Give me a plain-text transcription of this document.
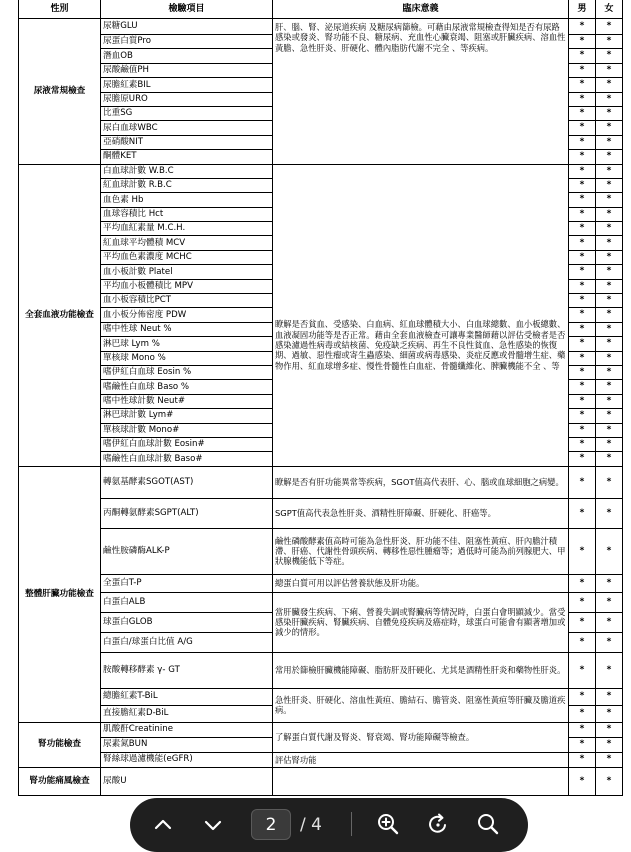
性別	檢驗項目	臨床意義	男	女
尿液常規檢查	尿糖GLU	肝、腦、腎、泌尿道疾病 及糖尿病篩檢。可藉由尿液常規檢查得知是否有尿路感染或發炎、腎功能不良、糖尿病、充血性心臟衰竭、阻塞或肝臟疾病、溶血性黃膽、急性肝炎、肝硬化、體內脂肪代謝不完全 、等疾病。	*	*
	尿蛋白質Pro		*	*
	潛血OB		*	*
	尿酸鹼值PH		*	*
	尿膽紅素BIL		*	*
	尿膽原URO		*	*
	比重SG		*	*
	尿白血球WBC		*	*
	亞硝酸NIT		*	*
	酮體KET		*	*
全套血液功能檢查	白血球計數 W.B.C	瞭解是否貧血、受感染、白血病、紅血球體積大小、白血球總數、血小板總數、血液凝固功能等是否正常。藉由全套血液檢查可讓專業醫師藉以評估受檢者是否感染濾過性病毒或結核菌、免疫缺乏疾病、再生不良性貧血、急性感染的恢復期、過敏、惡性瘤或寄生蟲感染、細菌或病毒感染、炎症反應或骨髓增生症、藥物作用、紅血球增多症、慢性骨髓性白血症、骨髓纖維化、脾臟機能不全 、等	*	*
	紅血球計數 R.B.C		*	*
	血色素 Hb		*	*
	血球容積比 Hct		*	*
	平均血紅素量 M.C.H.		*	*
	紅血球平均體積 MCV		*	*
	平均血色素濃度 MCHC		*	*
	血小板計數 Platel		*	*
	平均血小板體積比 MPV		*	*
	血小板容積比PCT		*	*
	血小板分佈密度 PDW		*	*
	嗜中性球 Neut %		*	*
	淋巴球 Lym %		*	*
	單核球 Mono %		*	*
	嗜伊紅白血球 Eosin %		*	*
	嗜鹼性白血球 Baso %		*	*
	嗜中性球計數 Neut#		*	*
	淋巴球計數 Lym#		*	*
	單核球計數 Mono#		*	*
	嗜伊紅白血球計數 Eosin#		*	*
	嗜鹼性白血球計數 Baso#		*	*
整體肝臟功能檢查	轉氨基酵素SGOT(AST)	瞭解是否有肝功能異常等疾病，SGOT值高代表肝、心、腦或血球細胞之病變。	*	*
	丙酮轉氨酵素SGPT(ALT)	SGPT值高代表急性肝炎、酒精性肝障礙、肝硬化、肝癌等。	*	*
	鹼性胺磷酶ALK-P	鹼性磷酸酵素值高時可能為急性肝炎、肝功能不佳、阻塞性黃疸、肝內膽汁積滯、肝癌、代謝性骨頭疾病、轉移性惡性腫瘤等；過低時可能為前列腺肥大、甲狀腺機能低下等症。	*	*
	全蛋白T-P	總蛋白質可用以評估營養狀態及肝功能。	*	*
	白蛋白ALB	當肝臟發生疾病、下痢、營養失調或腎臟病等情況時，白蛋白會明顯減少。當受感染肝臟疾病、腎臟疾病、自體免疫疾病及癌症時，球蛋白可能會有顯著增加或減少的情形。	*	*
	球蛋白GLOB		*	*
	白蛋白/球蛋白比值 A/G		*	*
	胺酸轉移酵素 γ- GT	常用於篩檢肝臟機能障礙、脂肪肝及肝硬化、尤其是酒精性肝炎和藥物性肝炎。	*	*
	總膽紅素T-BiL	急性肝炎、肝硬化、溶血性黃疸、膽結石、膽管炎、阻塞性黃疸等肝臟及膽道疾病。	*	*
	直接膽紅素D-BiL		*	*
腎功能檢查	肌酸酐Creatinine	了解蛋白質代謝及腎炎、腎衰竭、腎功能障礙等檢查。	*	*
	尿素氮BUN		*	*
	腎絲球過濾機能(eGFR)	評估腎功能	*	*
腎功能痛風檢查	尿酸U		*	*
2	/ 4
